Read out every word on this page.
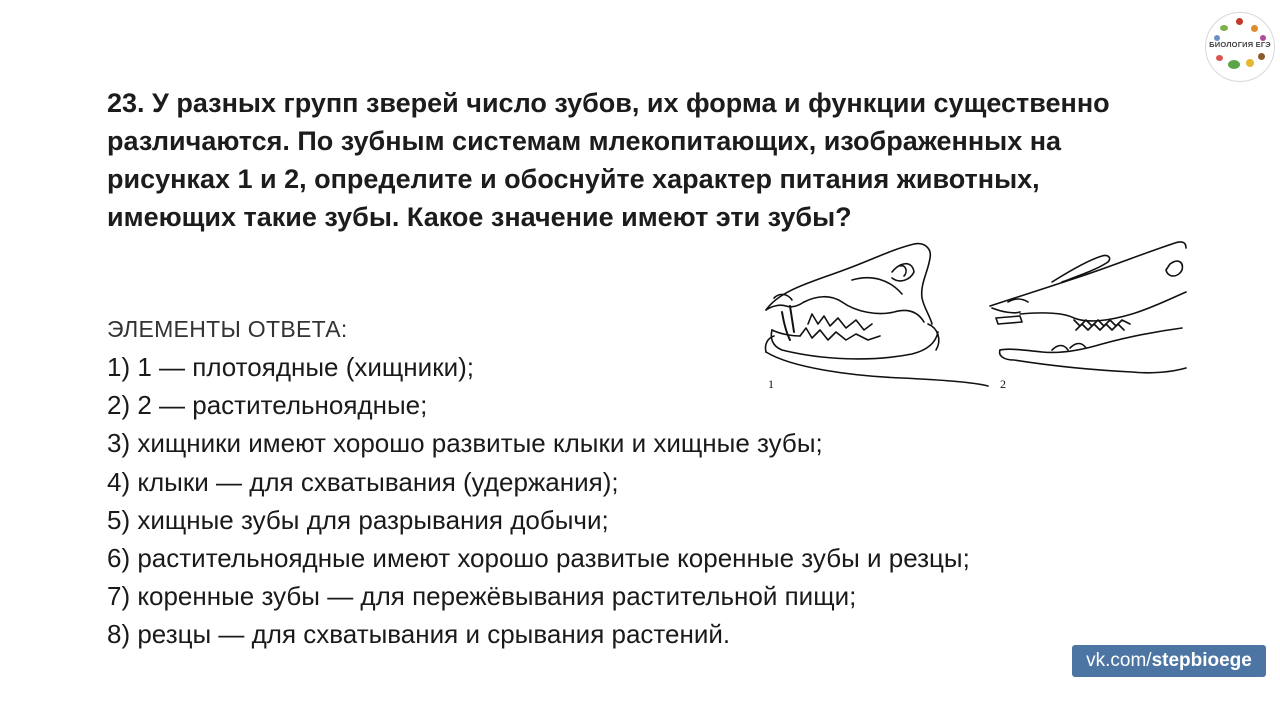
БИОЛОГИЯ ЕГЭ
23. У разных групп зверей число зубов, их форма и функции существенно
различаются. По зубным системам млекопитающих, изображенных на
рисунках 1 и 2, определите и обоснуйте характер питания животных,
имеющих такие зубы. Какое значение имеют эти зубы?
1	2
ЭЛЕМЕНТЫ ОТВЕТА:
1) 1 — плотоядные (хищники);
2) 2 — растительноядные;
3) хищники имеют хорошо развитые клыки и хищные зубы;
4) клыки — для схватывания (удержания);
5) хищные зубы для разрывания добычи;
6) растительноядные имеют хорошо развитые коренные зубы и резцы;
7) коренные зубы — для пережёвывания растительной пищи;
8) резцы — для схватывания и срывания растений.
vk.com/stepbioege
